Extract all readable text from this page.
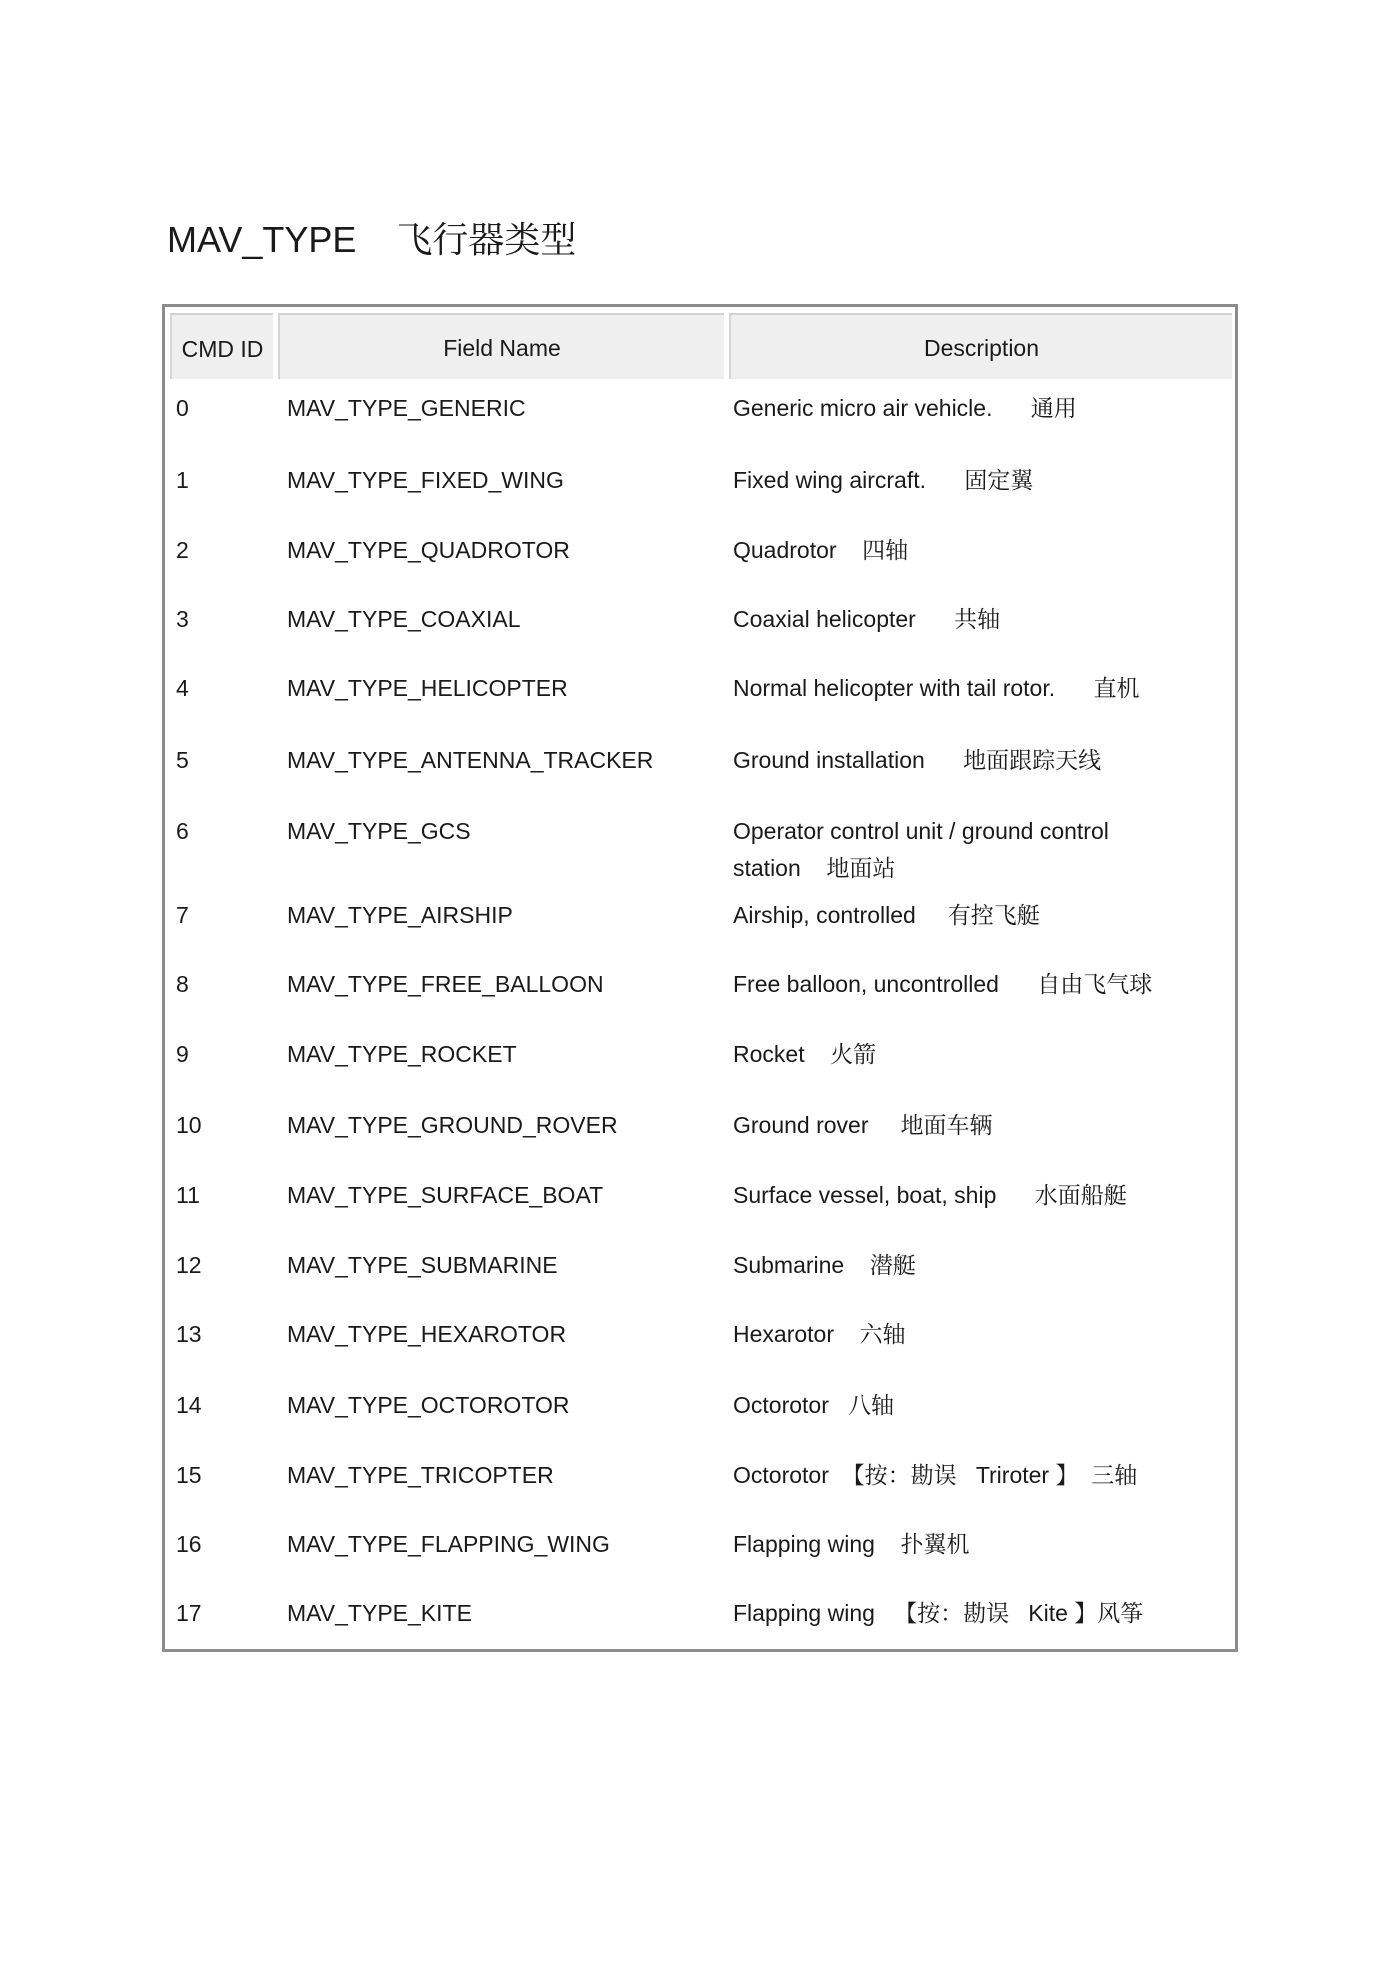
MAV_TYPE 飞行器类型
CMD ID	Field Name	Description
0	MAV_TYPE_GENERIC	Generic micro air vehicle.      通用
1	MAV_TYPE_FIXED_WING	Fixed wing aircraft.      固定翼
2	MAV_TYPE_QUADROTOR	Quadrotor    四轴
3	MAV_TYPE_COAXIAL	Coaxial helicopter      共轴
4	MAV_TYPE_HELICOPTER	Normal helicopter with tail rotor.      直机
5	MAV_TYPE_ANTENNA_TRACKER	Ground installation      地面跟踪天线
6	MAV_TYPE_GCS	Operator control unit / ground control station    地面站
7	MAV_TYPE_AIRSHIP	Airship, controlled     有控飞艇
8	MAV_TYPE_FREE_BALLOON	Free balloon, uncontrolled      自由飞气球
9	MAV_TYPE_ROCKET	Rocket    火箭
10	MAV_TYPE_GROUND_ROVER	Ground rover     地面车辆
11	MAV_TYPE_SURFACE_BOAT	Surface vessel, boat, ship      水面船艇
12	MAV_TYPE_SUBMARINE	Submarine    潜艇
13	MAV_TYPE_HEXAROTOR	Hexarotor    六轴
14	MAV_TYPE_OCTOROTOR	Octorotor   八轴
15	MAV_TYPE_TRICOPTER	Octorotor  【按：勘误   Triroter 】  三轴
16	MAV_TYPE_FLAPPING_WING	Flapping wing    扑翼机
17	MAV_TYPE_KITE	Flapping wing   【按：勘误   Kite 】风筝
